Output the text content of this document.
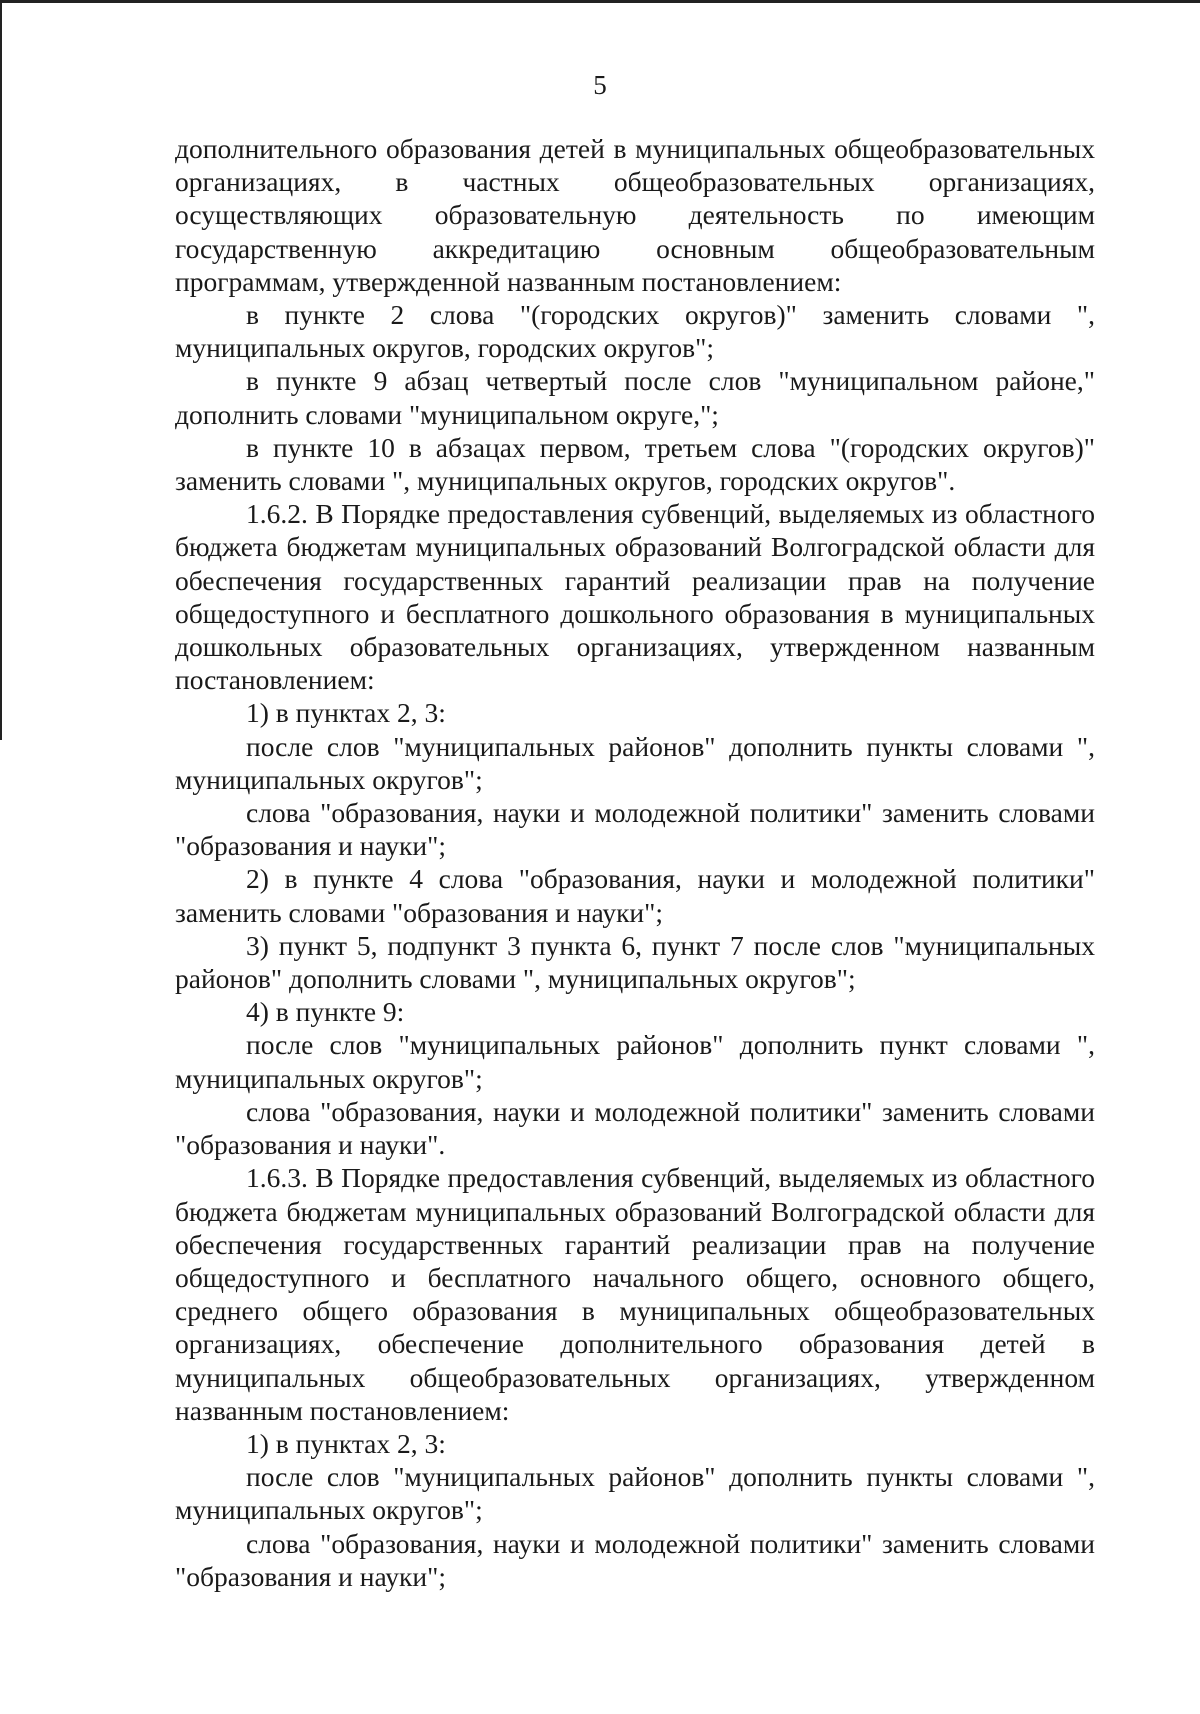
5

дополнительного образования детей в муниципальных общеобразовательных организациях, в частных общеобразовательных организациях, осуществляющих образовательную деятельность по имеющим государственную аккредитацию основным общеобразовательным программам, утвержденной названным постановлением:

в пункте 2 слова "(городских округов)" заменить словами ", муниципальных округов, городских округов";

в пункте 9 абзац четвертый после слов "муниципальном районе," дополнить словами "муниципальном округе,";

в пункте 10 в абзацах первом, третьем слова "(городских округов)" заменить словами ", муниципальных округов, городских округов".

1.6.2. В Порядке предоставления субвенций, выделяемых из областного бюджета бюджетам муниципальных образований Волгоградской области для обеспечения государственных гарантий реализации прав на получение общедоступного и бесплатного дошкольного образования в муниципальных дошкольных образовательных организациях, утвержденном названным постановлением:

1) в пунктах 2, 3:

после слов "муниципальных районов" дополнить пункты словами ", муниципальных округов";

слова "образования, науки и молодежной политики" заменить словами "образования и науки";

2) в пункте 4 слова "образования, науки и молодежной политики" заменить словами "образования и науки";

3) пункт 5, подпункт 3 пункта 6, пункт 7 после слов "муниципальных районов" дополнить словами ", муниципальных округов";

4) в пункте 9:

после слов "муниципальных районов" дополнить пункт словами ", муниципальных округов";

слова "образования, науки и молодежной политики" заменить словами "образования и науки".

1.6.3. В Порядке предоставления субвенций, выделяемых из областного бюджета бюджетам муниципальных образований Волгоградской области для обеспечения государственных гарантий реализации прав на получение общедоступного и бесплатного начального общего, основного общего, среднего общего образования в муниципальных общеобразовательных организациях, обеспечение дополнительного образования детей в муниципальных общеобразовательных организациях, утвержденном названным постановлением:

1) в пунктах 2, 3:

после слов "муниципальных районов" дополнить пункты словами ", муниципальных округов";

слова "образования, науки и молодежной политики" заменить словами "образования и науки";
